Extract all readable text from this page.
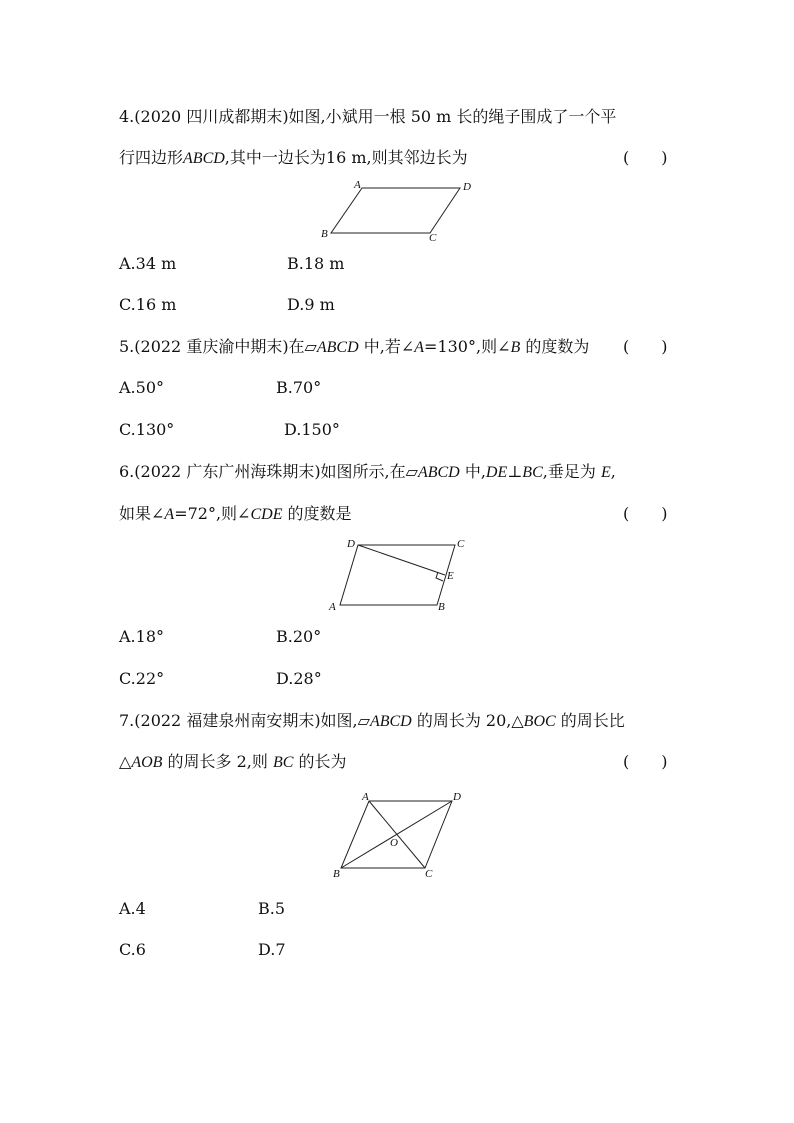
4.(2020 四川成都期末)如图,小斌用一根 50 m 长的绳子围成了一个平
行四边形ABCD,其中一边长为16 m,则其邻边长为	(　　)
A	D
B	C
A.34 m	B.18 m
C.16 m	D.9 m
5.(2022 重庆渝中期末)在▱ABCD 中,若∠A=130°,则∠B 的度数为 (　　)
A.50°	B.70°
C.130°	D.150°
6.(2022 广东广州海珠期末)如图所示,在▱ABCD 中,DE⊥BC,垂足为 E,
如果∠A=72°,则∠CDE 的度数是	(　　)
D	C
E
A	B
A.18°	B.20°
C.22°	D.28°
7.(2022 福建泉州南安期末)如图,▱ABCD 的周长为 20,△BOC 的周长比
△AOB 的周长多 2,则 BC 的长为	(　　)
A	D
O
B	C
A.4	B.5
C.6	D.7
